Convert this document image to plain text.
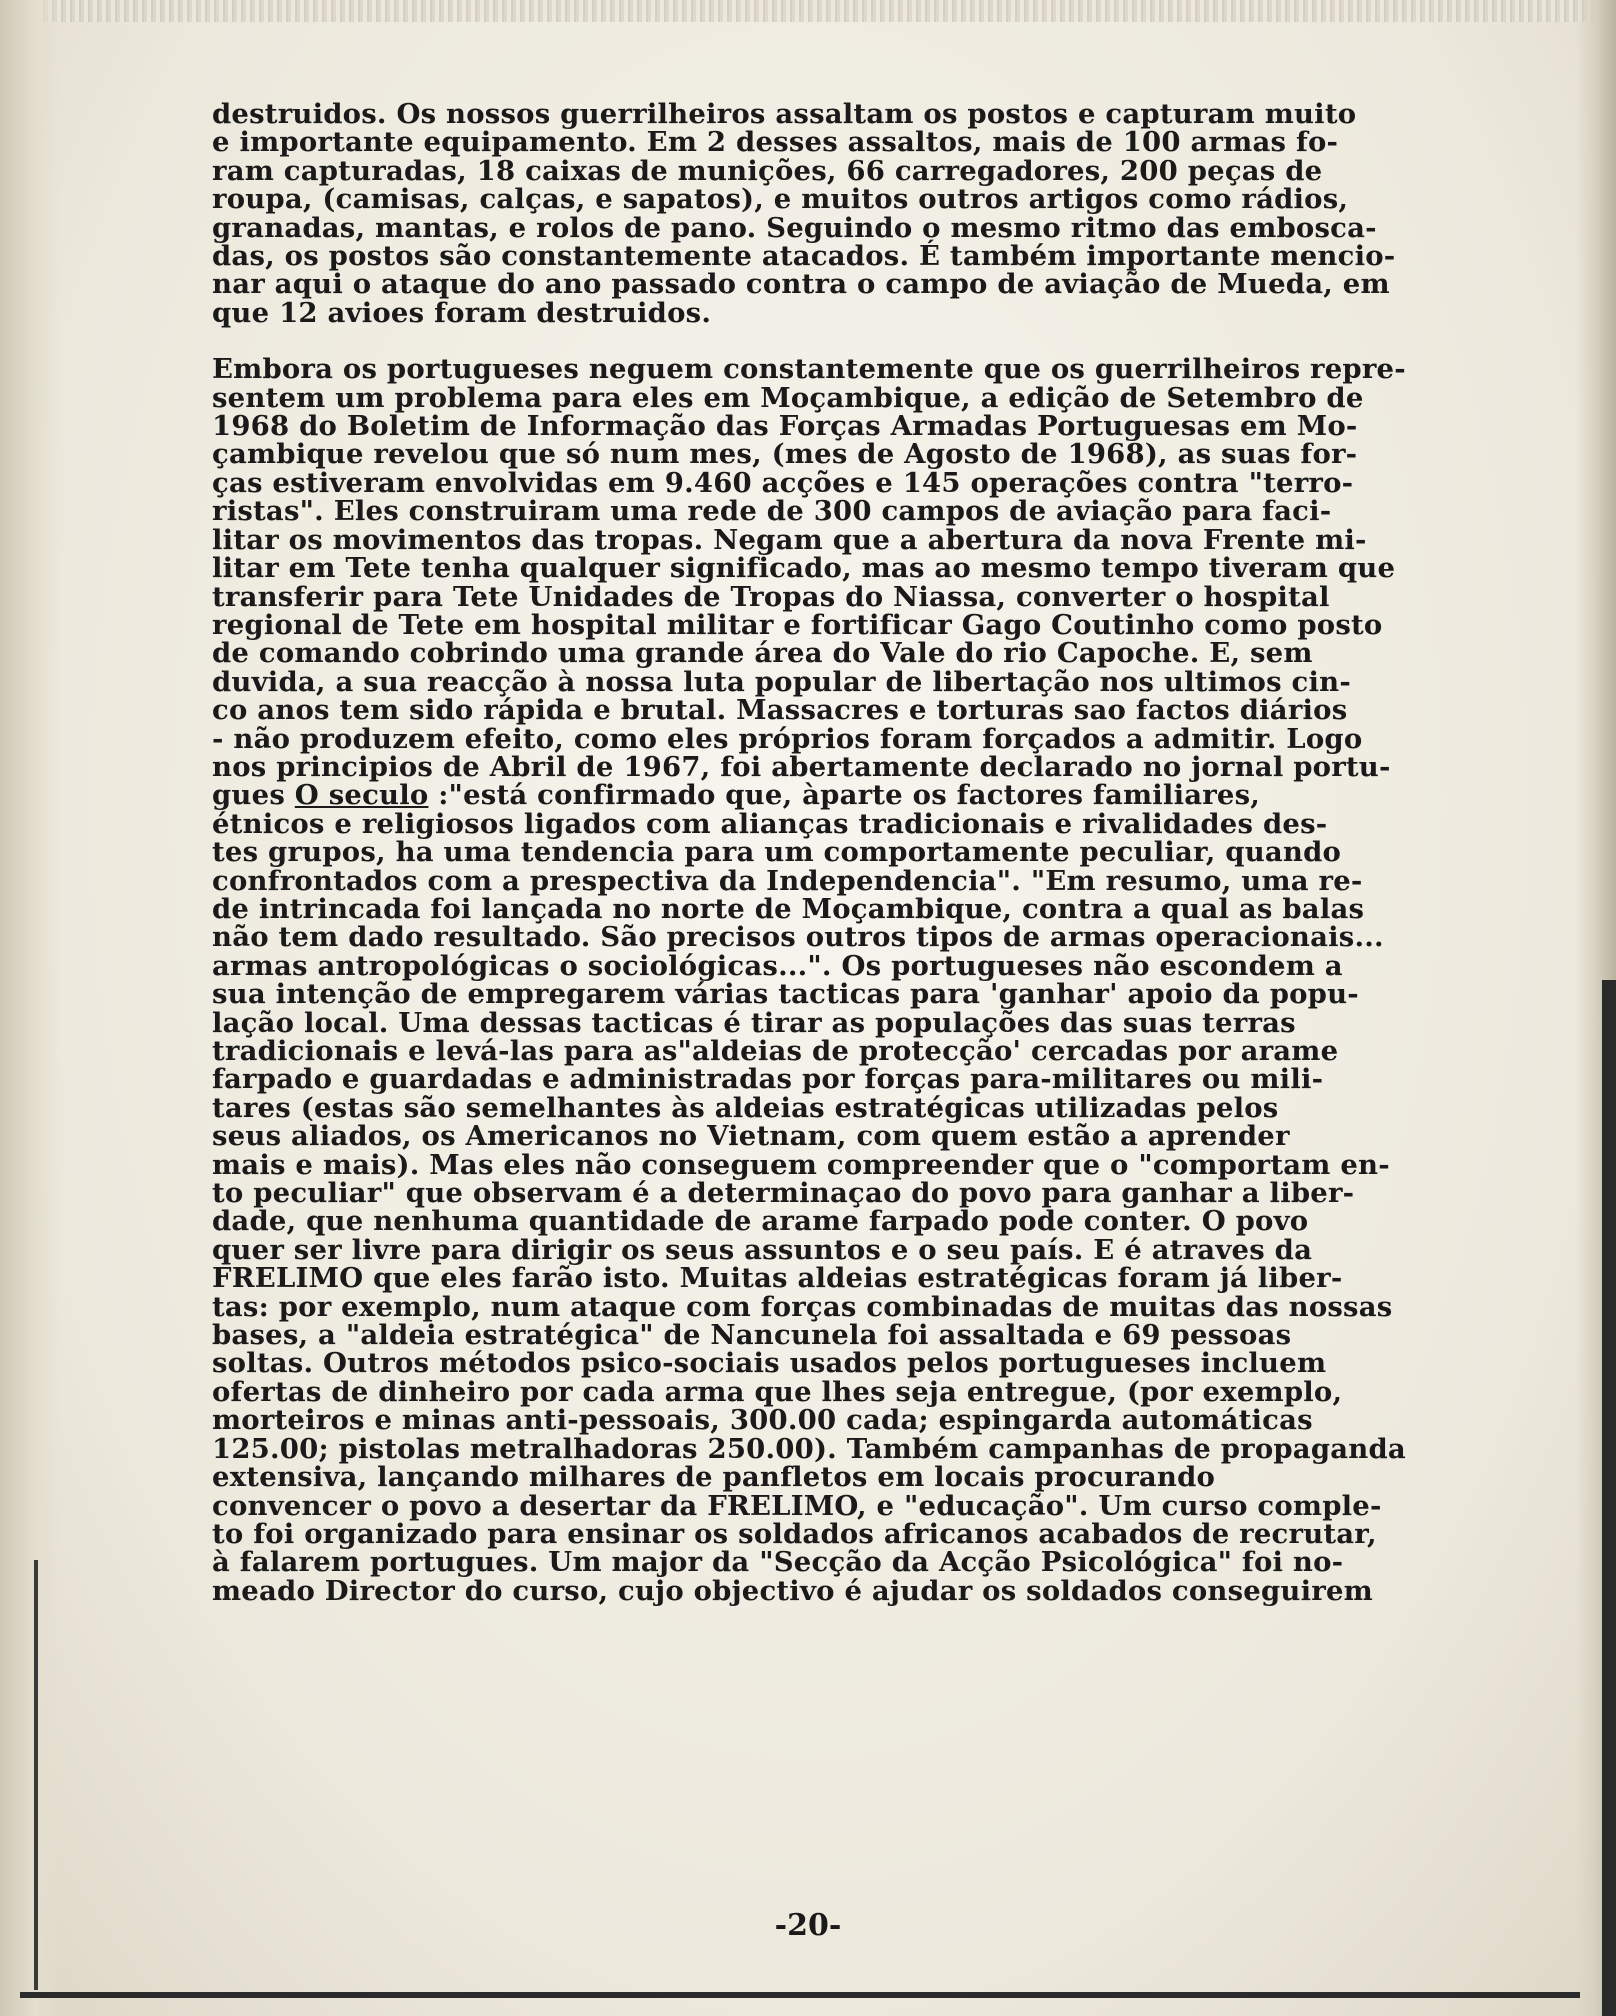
destruidos. Os nossos guerrilheiros assaltam os postos e capturam muito
e importante equipamento. Em 2 desses assaltos, mais de 100 armas fo-
ram capturadas, 18 caixas de munições, 66 carregadores, 200 peças de
roupa, (camisas, calças, e sapatos), e muitos outros artigos como rádios,
granadas, mantas, e rolos de pano. Seguindo o mesmo ritmo das embosca-
das, os postos são constantemente atacados. É também importante mencio-
nar aqui o ataque do ano passado contra o campo de aviação de Mueda, em
que 12 avioes foram destruidos.
Embora os portugueses neguem constantemente que os guerrilheiros repre-
sentem um problema para eles em Moçambique, a edição de Setembro de
1968 do Boletim de Informação das Forças Armadas Portuguesas em Mo-
çambique revelou que só num mes, (mes de Agosto de 1968), as suas for-
ças estiveram envolvidas em 9.460 acções e 145 operações contra "terro-
ristas". Eles construiram uma rede de 300 campos de aviação para faci-
litar os movimentos das tropas. Negam que a abertura da nova Frente mi-
litar em Tete tenha qualquer significado, mas ao mesmo tempo tiveram que
transferir para Tete Unidades de Tropas do Niassa, converter o hospital
regional de Tete em hospital militar e fortificar Gago Coutinho como posto
de comando cobrindo uma grande área do Vale do rio Capoche. E, sem
duvida, a sua reacção à nossa luta popular de libertação nos ultimos cin-
co anos tem sido rápida e brutal. Massacres e torturas sao factos diários
- não produzem efeito, como eles próprios foram forçados a admitir. Logo
nos principios de Abril de 1967, foi abertamente declarado no jornal portu-
gues O seculo :"está confirmado que, àparte os factores familiares,
étnicos e religiosos ligados com alianças tradicionais e rivalidades des-
tes grupos, ha uma tendencia para um comportamente peculiar, quando
confrontados com a prespectiva da Independencia". "Em resumo, uma re-
de intrincada foi lançada no norte de Moçambique, contra a qual as balas
não tem dado resultado. São precisos outros tipos de armas operacionais...
armas antropológicas o sociológicas...". Os portugueses não escondem a
sua intenção de empregarem várias tacticas para 'ganhar' apoio da popu-
lação local. Uma dessas tacticas é tirar as populações das suas terras
tradicionais e levá-las para as"aldeias de protecção' cercadas por arame
farpado e guardadas e administradas por forças para-militares ou mili-
tares (estas são semelhantes às aldeias estratégicas utilizadas pelos
seus aliados, os Americanos no Vietnam, com quem estão a aprender
mais e mais). Mas eles não conseguem compreender que o "comportam en-
to peculiar" que observam é a determinaçao do povo para ganhar a liber-
dade, que nenhuma quantidade de arame farpado pode conter. O povo
quer ser livre para dirigir os seus assuntos e o seu país. E é atraves da
FRELIMO que eles farão isto. Muitas aldeias estratégicas foram já liber-
tas: por exemplo, num ataque com forças combinadas de muitas das nossas
bases, a "aldeia estratégica" de Nancunela foi assaltada e 69 pessoas
soltas. Outros métodos psico-sociais usados pelos portugueses incluem
ofertas de dinheiro por cada arma que lhes seja entregue, (por exemplo,
morteiros e minas anti-pessoais, 300.00 cada; espingarda automáticas
125.00; pistolas metralhadoras 250.00). Também campanhas de propaganda
extensiva, lançando milhares de panfletos em locais procurando
convencer o povo a desertar da FRELIMO, e "educação". Um curso comple-
to foi organizado para ensinar os soldados africanos acabados de recrutar,
à falarem portugues. Um major da "Secção da Acção Psicológica" foi no-
meado Director do curso, cujo objectivo é ajudar os soldados conseguirem
-20-
